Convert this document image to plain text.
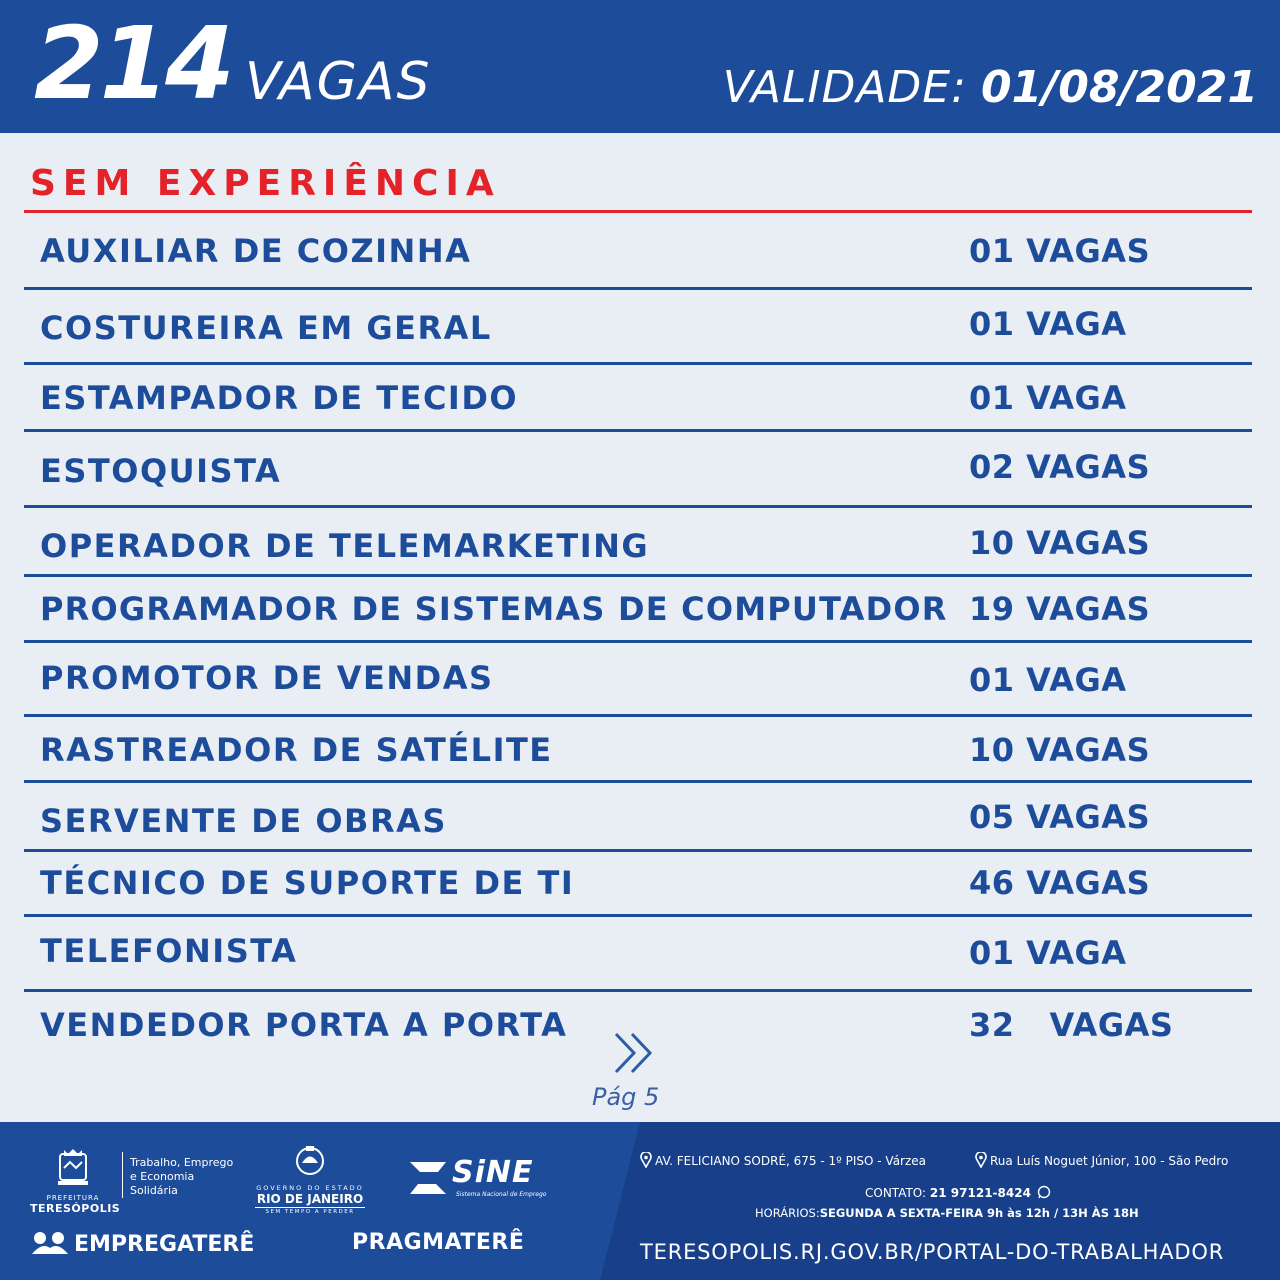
214 VAGAS	VALIDADE: 01/08/2021
SEM EXPERIÊNCIA
AUXILIAR DE COZINHA	01 VAGAS
COSTUREIRA EM GERAL	01 VAGA
ESTAMPADOR DE TECIDO	01 VAGA
ESTOQUISTA	02 VAGAS
OPERADOR DE TELEMARKETING	10 VAGAS
PROGRAMADOR DE SISTEMAS DE COMPUTADOR 19 VAGAS
PROMOTOR DE VENDAS	01 VAGA
RASTREADOR DE SATÉLITE	10 VAGAS
SERVENTE DE OBRAS	05 VAGAS
TÉCNICO DE SUPORTE DE TI	46 VAGAS
TELEFONISTA	01 VAGA
VENDEDOR PORTA A PORTA	32   VAGAS
Pág 5
PREFEITURA
TERESÓPOLIS
Trabalho, Emprego
e Economia
Solidária	GOVERNO DO ESTADO
RIO DE JANEIRO
SEM TEMPO A PERDER
SiNE
Sistema Nacional de Emprego
EMPREGATERÊ	PRAGMATERÊ
AV. FELICIANO SODRÉ, 675 - 1º PISO - Várzea	Rua Luís Noguet Júnior, 100 - São Pedro
CONTATO: 21 97121-8424
HORÁRIOS:SEGUNDA A SEXTA-FEIRA 9h às 12h / 13H ÀS 18H
TERESOPOLIS.RJ.GOV.BR/PORTAL-DO-TRABALHADOR
